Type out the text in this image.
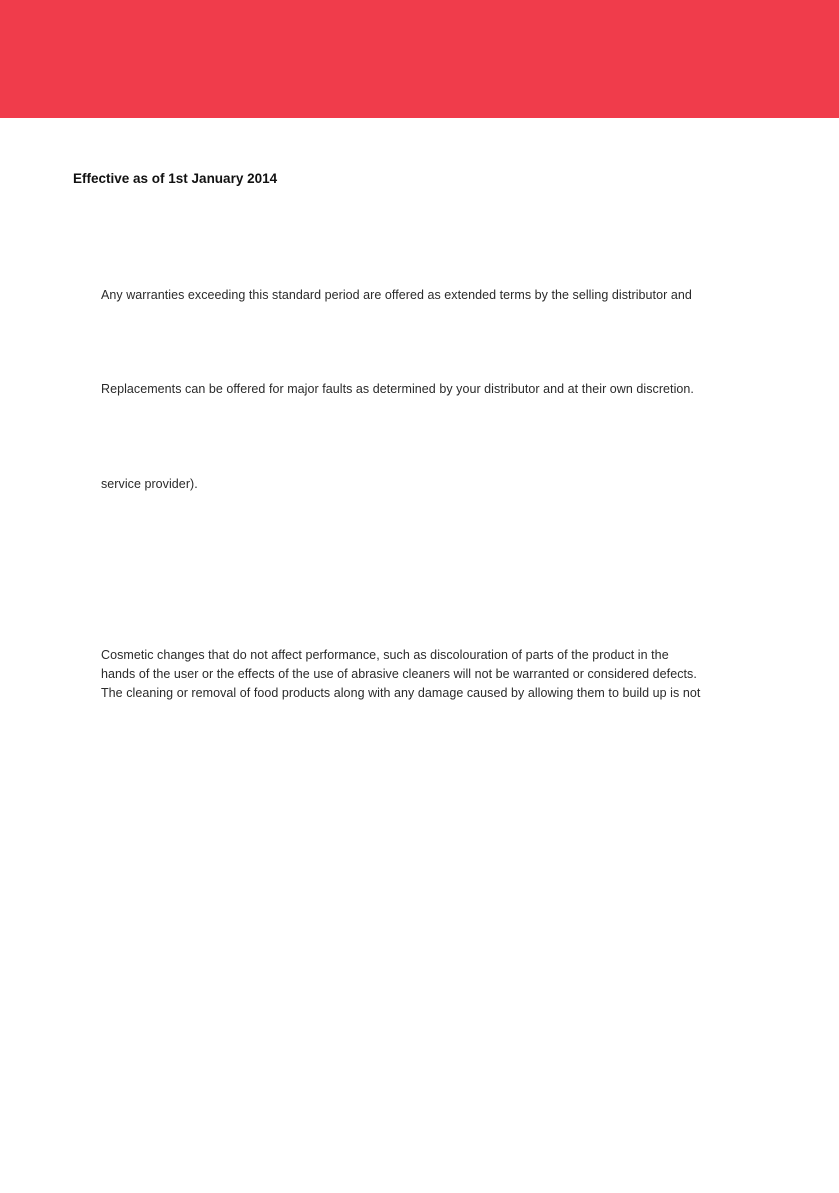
Effective as of 1st January 2014
Any warranties exceeding this standard period are offered as extended terms by the selling distributor and
Replacements can be offered for major faults as determined by your distributor and at their own discretion.
service provider).
Cosmetic changes that do not affect performance, such as discolouration of parts of the product in the
hands of the user or the effects of the use of abrasive cleaners will not be warranted or considered defects.
The cleaning or removal of food products along with any damage caused by allowing them to build up is not
